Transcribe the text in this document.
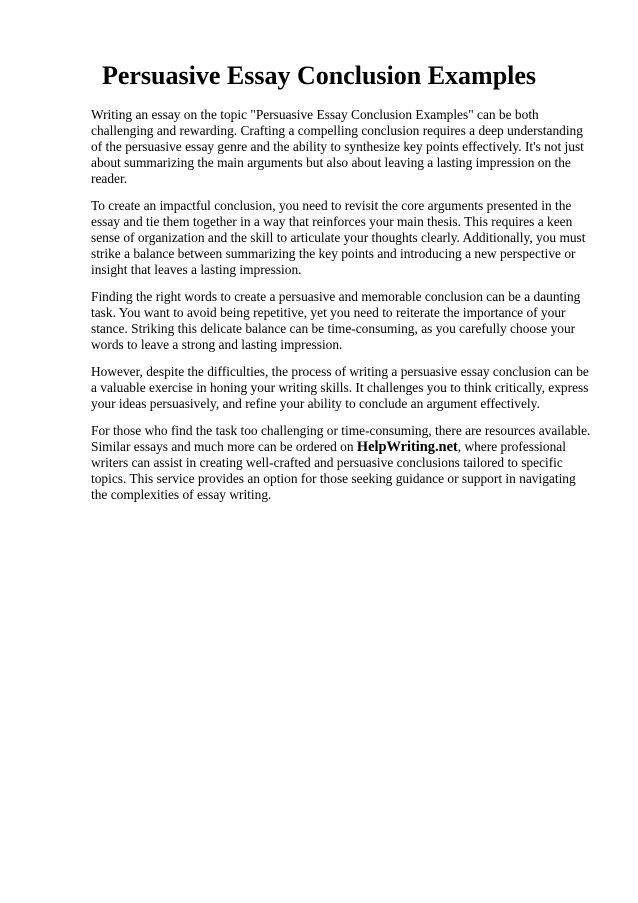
Persuasive Essay Conclusion Examples

Writing an essay on the topic "Persuasive Essay Conclusion Examples" can be both challenging and rewarding. Crafting a compelling conclusion requires a deep understanding of the persuasive essay genre and the ability to synthesize key points effectively. It's not just about summarizing the main arguments but also about leaving a lasting impression on the reader.

To create an impactful conclusion, you need to revisit the core arguments presented in the essay and tie them together in a way that reinforces your main thesis. This requires a keen sense of organization and the skill to articulate your thoughts clearly. Additionally, you must strike a balance between summarizing the key points and introducing a new perspective or insight that leaves a lasting impression.

Finding the right words to create a persuasive and memorable conclusion can be a daunting task. You want to avoid being repetitive, yet you need to reiterate the importance of your stance. Striking this delicate balance can be time-consuming, as you carefully choose your words to leave a strong and lasting impression.

However, despite the difficulties, the process of writing a persuasive essay conclusion can be a valuable exercise in honing your writing skills. It challenges you to think critically, express your ideas persuasively, and refine your ability to conclude an argument effectively.

For those who find the task too challenging or time-consuming, there are resources available. Similar essays and much more can be ordered on HelpWriting.net, where professional writers can assist in creating well-crafted and persuasive conclusions tailored to specific topics. This service provides an option for those seeking guidance or support in navigating the complexities of essay writing.
